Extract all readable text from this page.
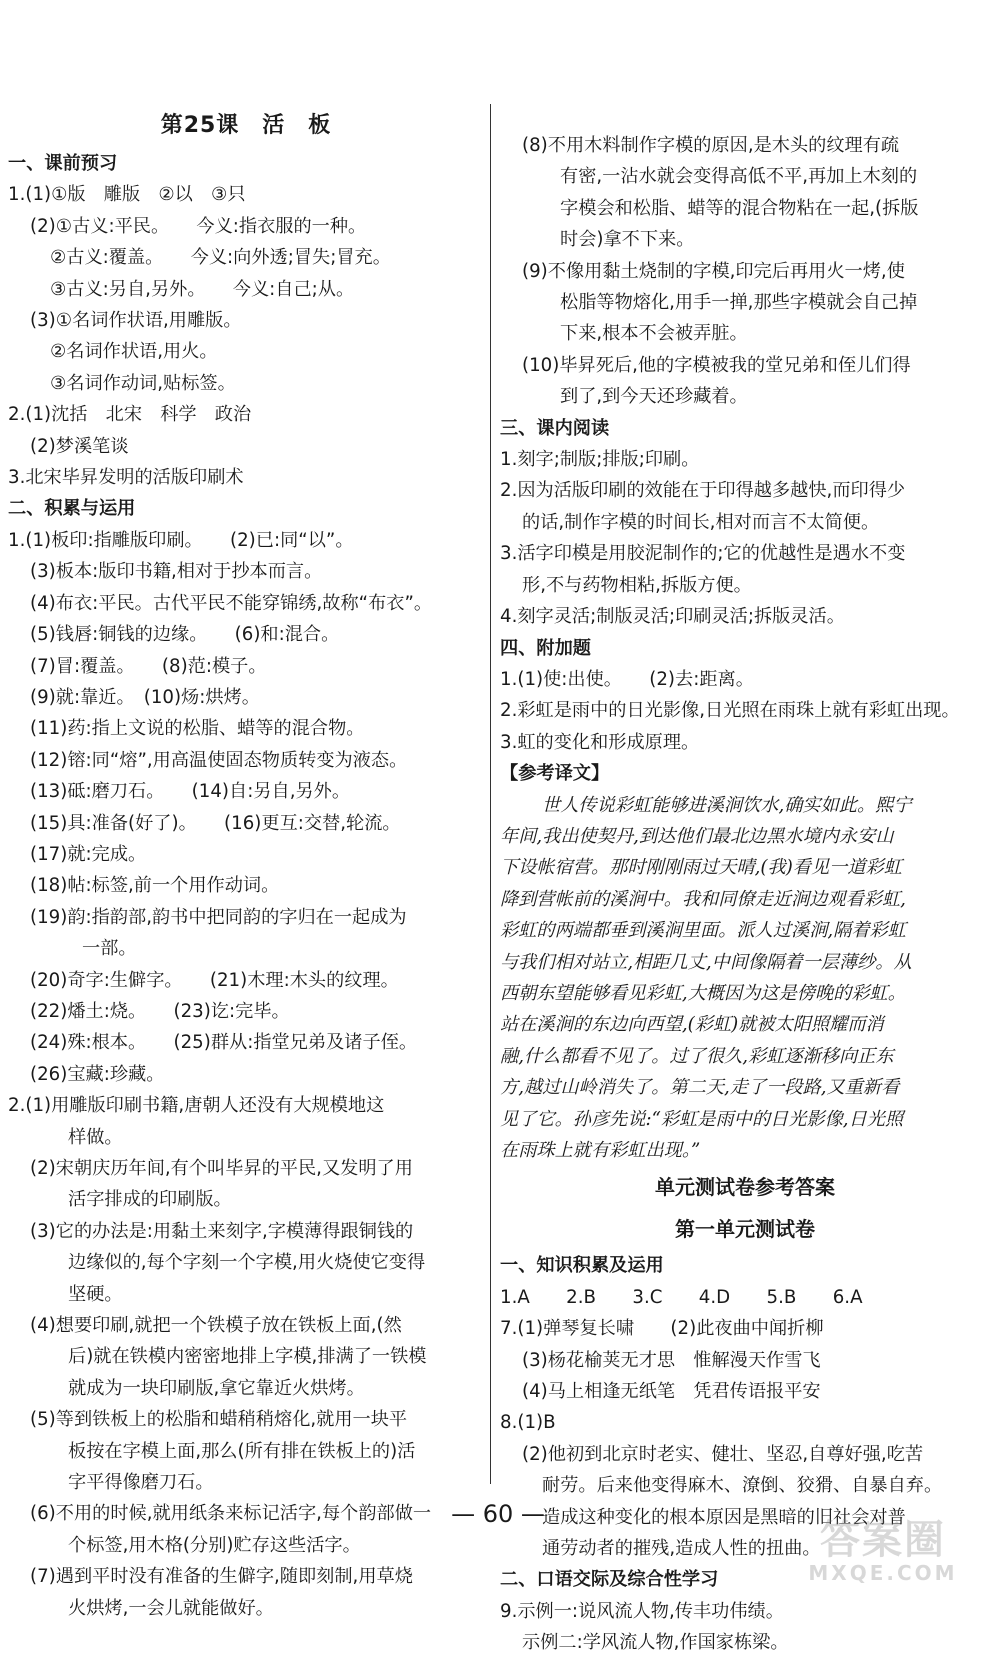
第25课　活　板
一、课前预习
1.(1)①版　雕版　②以　③只
(2)①古义:平民。　　今义:指衣服的一种。
②古义:覆盖。　　今义:向外透;冒失;冒充。
③古义:另自,另外。　　今义:自己;从。
(3)①名词作状语,用雕版。
②名词作状语,用火。
③名词作动词,贴标签。
2.(1)沈括　北宋　科学　政治
(2)梦溪笔谈
3.北宋毕昇发明的活版印刷术
二、积累与运用
1.(1)板印:指雕版印刷。　　(2)已:同“以”。
(3)板本:版印书籍,相对于抄本而言。
(4)布衣:平民。古代平民不能穿锦绣,故称“布衣”。
(5)钱唇:铜钱的边缘。　　(6)和:混合。
(7)冒:覆盖。　　(8)范:模子。
(9)就:靠近。　(10)炀:烘烤。
(11)药:指上文说的松脂、蜡等的混合物。
(12)镕:同“熔”,用高温使固态物质转变为液态。
(13)砥:磨刀石。　　(14)自:另自,另外。
(15)具:准备(好了)。　　(16)更互:交替,轮流。
(17)就:完成。
(18)帖:标签,前一个用作动词。
(19)韵:指韵部,韵书中把同韵的字归在一起成为
一部。
(20)奇字:生僻字。　　(21)木理:木头的纹理。
(22)燔土:烧。　　(23)讫:完毕。
(24)殊:根本。　　(25)群从:指堂兄弟及诸子侄。
(26)宝藏:珍藏。
2.(1)用雕版印刷书籍,唐朝人还没有大规模地这
样做。
(2)宋朝庆历年间,有个叫毕昇的平民,又发明了用
活字排成的印刷版。
(3)它的办法是:用黏土来刻字,字模薄得跟铜钱的
边缘似的,每个字刻一个字模,用火烧使它变得
坚硬。
(4)想要印刷,就把一个铁模子放在铁板上面,(然
后)就在铁模内密密地排上字模,排满了一铁模
就成为一块印刷版,拿它靠近火烘烤。
(5)等到铁板上的松脂和蜡稍稍熔化,就用一块平
板按在字模上面,那么(所有排在铁板上的)活
字平得像磨刀石。
(6)不用的时候,就用纸条来标记活字,每个韵部做一
个标签,用木格(分别)贮存这些活字。
(7)遇到平时没有准备的生僻字,随即刻制,用草烧
火烘烤,一会儿就能做好。
(8)不用木料制作字模的原因,是木头的纹理有疏
有密,一沾水就会变得高低不平,再加上木刻的
字模会和松脂、蜡等的混合物粘在一起,(拆版
时会)拿不下来。
(9)不像用黏土烧制的字模,印完后再用火一烤,使
松脂等物熔化,用手一掸,那些字模就会自己掉
下来,根本不会被弄脏。
(10)毕昇死后,他的字模被我的堂兄弟和侄儿们得
到了,到今天还珍藏着。
三、课内阅读
1.刻字;制版;排版;印刷。
2.因为活版印刷的效能在于印得越多越快,而印得少
的话,制作字模的时间长,相对而言不太简便。
3.活字印模是用胶泥制作的;它的优越性是遇水不变
形,不与药物相粘,拆版方便。
4.刻字灵活;制版灵活;印刷灵活;拆版灵活。
四、附加题
1.(1)使:出使。　　(2)去:距离。
2.彩虹是雨中的日光影像,日光照在雨珠上就有彩虹出现。
3.虹的变化和形成原理。
【参考译文】
世人传说彩虹能够进溪涧饮水,确实如此。熙宁
年间,我出使契丹,到达他们最北边黑水境内永安山
下设帐宿营。那时刚刚雨过天晴,(我)看见一道彩虹
降到营帐前的溪涧中。我和同僚走近涧边观看彩虹,
彩虹的两端都垂到溪涧里面。派人过溪涧,隔着彩虹
与我们相对站立,相距几丈,中间像隔着一层薄纱。从
西朝东望能够看见彩虹,大概因为这是傍晚的彩虹。
站在溪涧的东边向西望,(彩虹)就被太阳照耀而消
融,什么都看不见了。过了很久,彩虹逐渐移向正东
方,越过山岭消失了。第二天,走了一段路,又重新看
见了它。孙彦先说:“彩虹是雨中的日光影像,日光照
在雨珠上就有彩虹出现。”
单元测试卷参考答案
第一单元测试卷
一、知识积累及运用
1.A　　2.B　　3.C　　4.D　　5.B　　6.A
7.(1)弹琴复长啸　　(2)此夜曲中闻折柳
(3)杨花榆荚无才思　惟解漫天作雪飞
(4)马上相逢无纸笔　凭君传语报平安
8.(1)B
(2)他初到北京时老实、健壮、坚忍,自尊好强,吃苦
耐劳。后来他变得麻木、潦倒、狡猾、自暴自弃。
造成这种变化的根本原因是黑暗的旧社会对普
通劳动者的摧残,造成人性的扭曲。
二、口语交际及综合性学习
9.示例一:说风流人物,传丰功伟绩。
示例二:学风流人物,作国家栋梁。
— 60 —
答案圈
MXQE.COM
